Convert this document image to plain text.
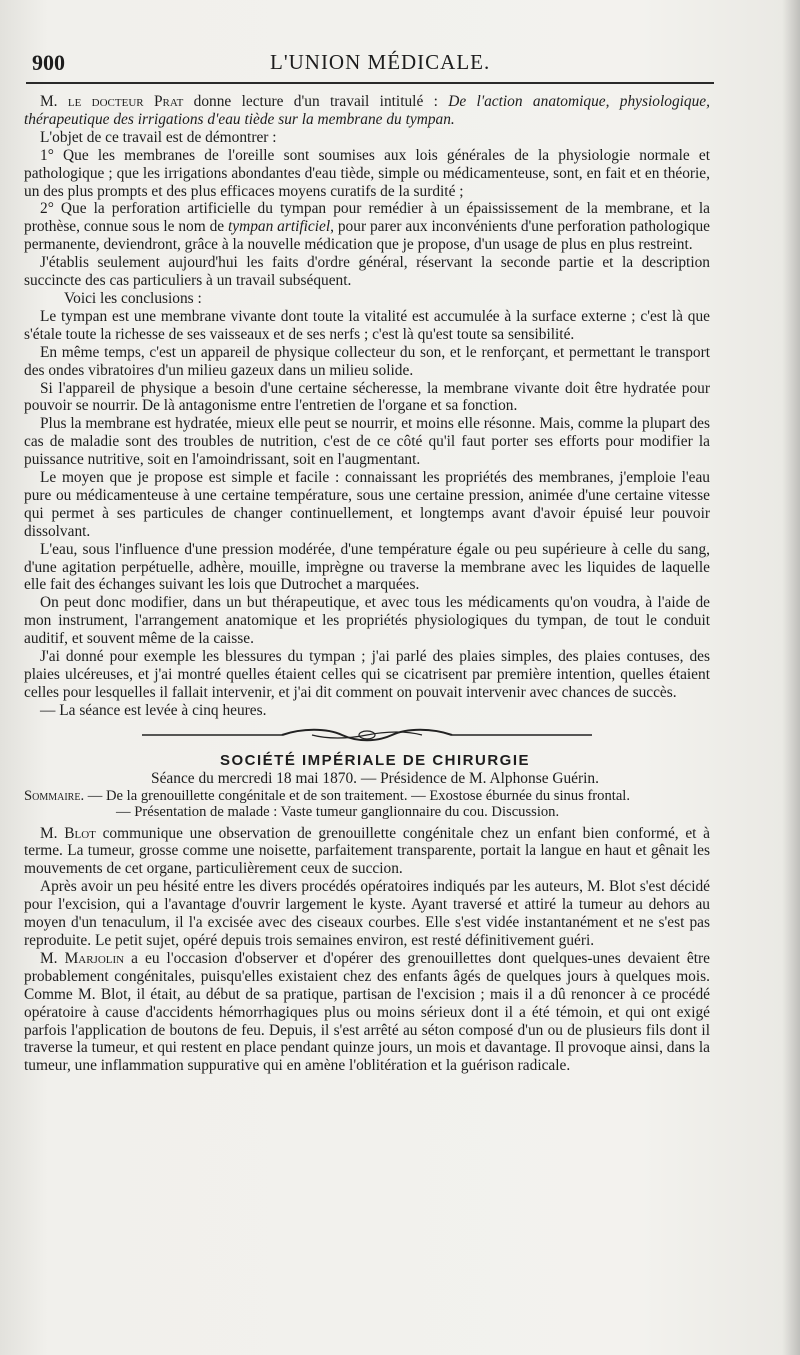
900	L'UNION MÉDICALE.

M. le docteur Prat donne lecture d'un travail intitulé : De l'action anatomique, physiologique, thérapeutique des irrigations d'eau tiède sur la membrane du tympan.

L'objet de ce travail est de démontrer :

1° Que les membranes de l'oreille sont soumises aux lois générales de la physiologie normale et pathologique ; que les irrigations abondantes d'eau tiède, simple ou médicamenteuse, sont, en fait et en théorie, un des plus prompts et des plus efficaces moyens curatifs de la surdité ;

2° Que la perforation artificielle du tympan pour remédier à un épaississement de la membrane, et la prothèse, connue sous le nom de tympan artificiel, pour parer aux inconvénients d'une perforation pathologique permanente, deviendront, grâce à la nouvelle médication que je propose, d'un usage de plus en plus restreint.

J'établis seulement aujourd'hui les faits d'ordre général, réservant la seconde partie et la description succincte des cas particuliers à un travail subséquent.

Voici les conclusions :

Le tympan est une membrane vivante dont toute la vitalité est accumulée à la surface externe ; c'est là que s'étale toute la richesse de ses vaisseaux et de ses nerfs ; c'est là qu'est toute sa sensibilité.

En même temps, c'est un appareil de physique collecteur du son, et le renforçant, et permettant le transport des ondes vibratoires d'un milieu gazeux dans un milieu solide.

Si l'appareil de physique a besoin d'une certaine sécheresse, la membrane vivante doit être hydratée pour pouvoir se nourrir. De là antagonisme entre l'entretien de l'organe et sa fonction.

Plus la membrane est hydratée, mieux elle peut se nourrir, et moins elle résonne. Mais, comme la plupart des cas de maladie sont des troubles de nutrition, c'est de ce côté qu'il faut porter ses efforts pour modifier la puissance nutritive, soit en l'amoindrissant, soit en l'augmentant.

Le moyen que je propose est simple et facile : connaissant les propriétés des membranes, j'emploie l'eau pure ou médicamenteuse à une certaine température, sous une certaine pression, animée d'une certaine vitesse qui permet à ses particules de changer continuellement, et longtemps avant d'avoir épuisé leur pouvoir dissolvant.

L'eau, sous l'influence d'une pression modérée, d'une température égale ou peu supérieure à celle du sang, d'une agitation perpétuelle, adhère, mouille, imprègne ou traverse la membrane avec les liquides de laquelle elle fait des échanges suivant les lois que Dutrochet a marquées.

On peut donc modifier, dans un but thérapeutique, et avec tous les médicaments qu'on voudra, à l'aide de mon instrument, l'arrangement anatomique et les propriétés physiologiques du tympan, de tout le conduit auditif, et souvent même de la caisse.

J'ai donné pour exemple les blessures du tympan ; j'ai parlé des plaies simples, des plaies contuses, des plaies ulcéreuses, et j'ai montré quelles étaient celles qui se cicatrisent par première intention, quelles étaient celles pour lesquelles il fallait intervenir, et j'ai dit comment on pouvait intervenir avec chances de succès.

— La séance est levée à cinq heures.

SOCIÉTÉ IMPÉRIALE DE CHIRURGIE

Séance du mercredi 18 mai 1870. — Présidence de M. Alphonse Guérin.

Sommaire. — De la grenouillette congénitale et de son traitement. — Exostose éburnée du sinus frontal.
— Présentation de malade : Vaste tumeur ganglionnaire du cou. Discussion.

M. Blot communique une observation de grenouillette congénitale chez un enfant bien conformé, et à terme. La tumeur, grosse comme une noisette, parfaitement transparente, portait la langue en haut et gênait les mouvements de cet organe, particulièrement ceux de succion.

Après avoir un peu hésité entre les divers procédés opératoires indiqués par les auteurs, M. Blot s'est décidé pour l'excision, qui a l'avantage d'ouvrir largement le kyste. Ayant traversé et attiré la tumeur au dehors au moyen d'un tenaculum, il l'a excisée avec des ciseaux courbes. Elle s'est vidée instantanément et ne s'est pas reproduite. Le petit sujet, opéré depuis trois semaines environ, est resté définitivement guéri.

M. Marjolin a eu l'occasion d'observer et d'opérer des grenouillettes dont quelques-unes devaient être probablement congénitales, puisqu'elles existaient chez des enfants âgés de quelques jours à quelques mois. Comme M. Blot, il était, au début de sa pratique, partisan de l'excision ; mais il a dû renoncer à ce procédé opératoire à cause d'accidents hémorrhagiques plus ou moins sérieux dont il a été témoin, et qui ont exigé parfois l'application de boutons de feu. Depuis, il s'est arrêté au séton composé d'un ou de plusieurs fils dont il traverse la tumeur, et qui restent en place pendant quinze jours, un mois et davantage. Il provoque ainsi, dans la tumeur, une inflammation suppurative qui en amène l'oblitération et la guérison radicale.
